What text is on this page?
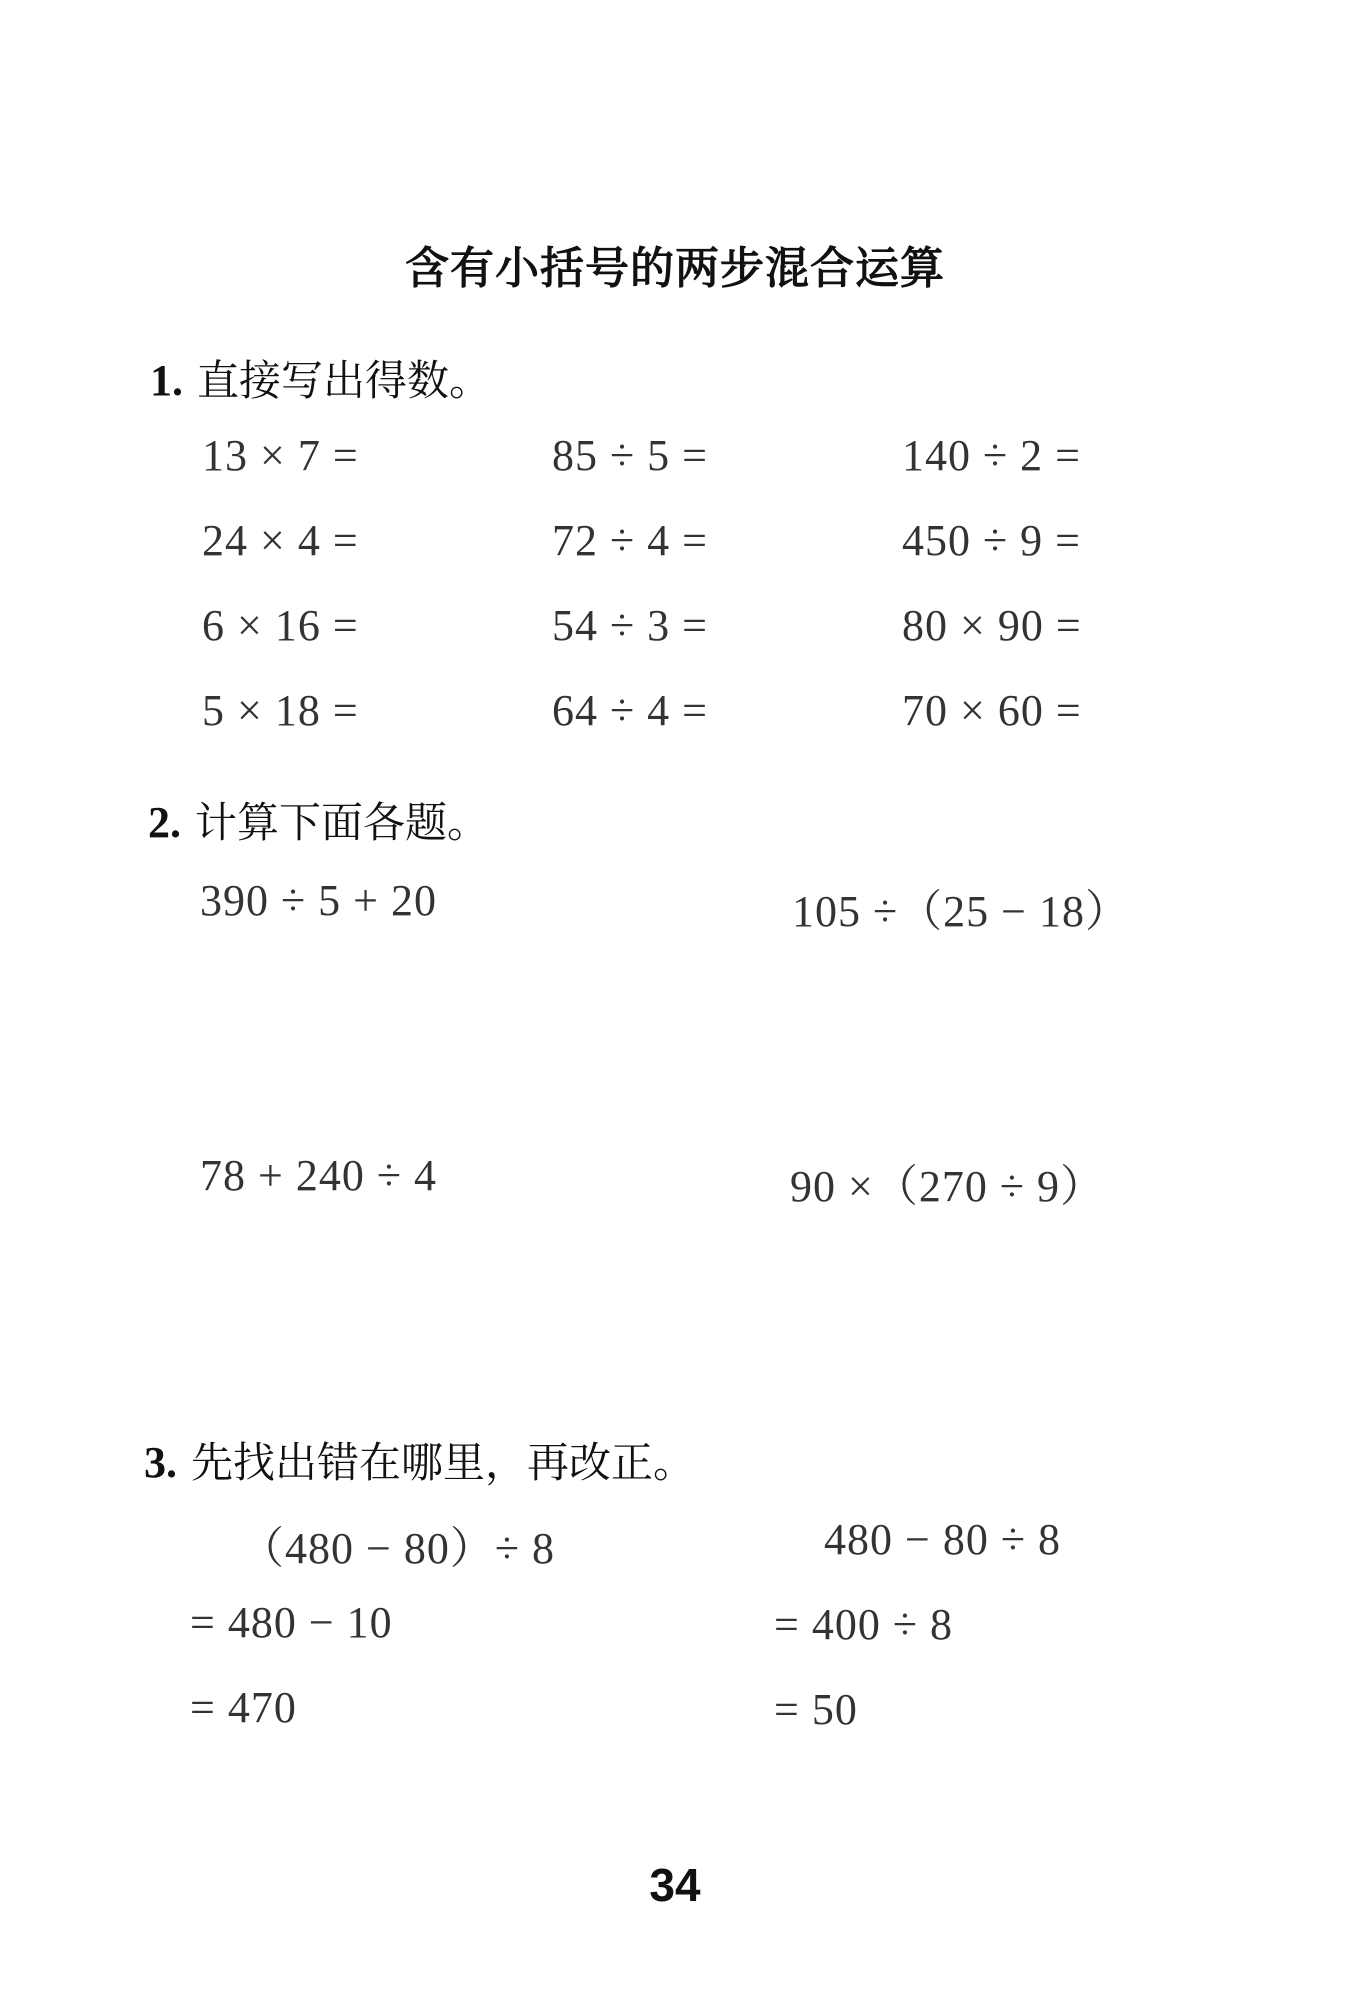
含有小括号的两步混合运算
1. 直接写出得数。
13 × 7 =
24 × 4 =
6 × 16 =
5 × 18 =
85 ÷ 5 =
72 ÷ 4 =
54 ÷ 3 =
64 ÷ 4 =
140 ÷ 2 =
450 ÷ 9 =
80 × 90 =
70 × 60 =
2. 计算下面各题。
390 ÷ 5 + 20	105 ÷（25 − 18）
78 + 240 ÷ 4	90 ×（270 ÷ 9）
3. 先找出错在哪里，再改正。
（480 − 80）÷ 8
= 480 − 10
= 470
480 − 80 ÷ 8
= 400 ÷ 8
= 50
34
